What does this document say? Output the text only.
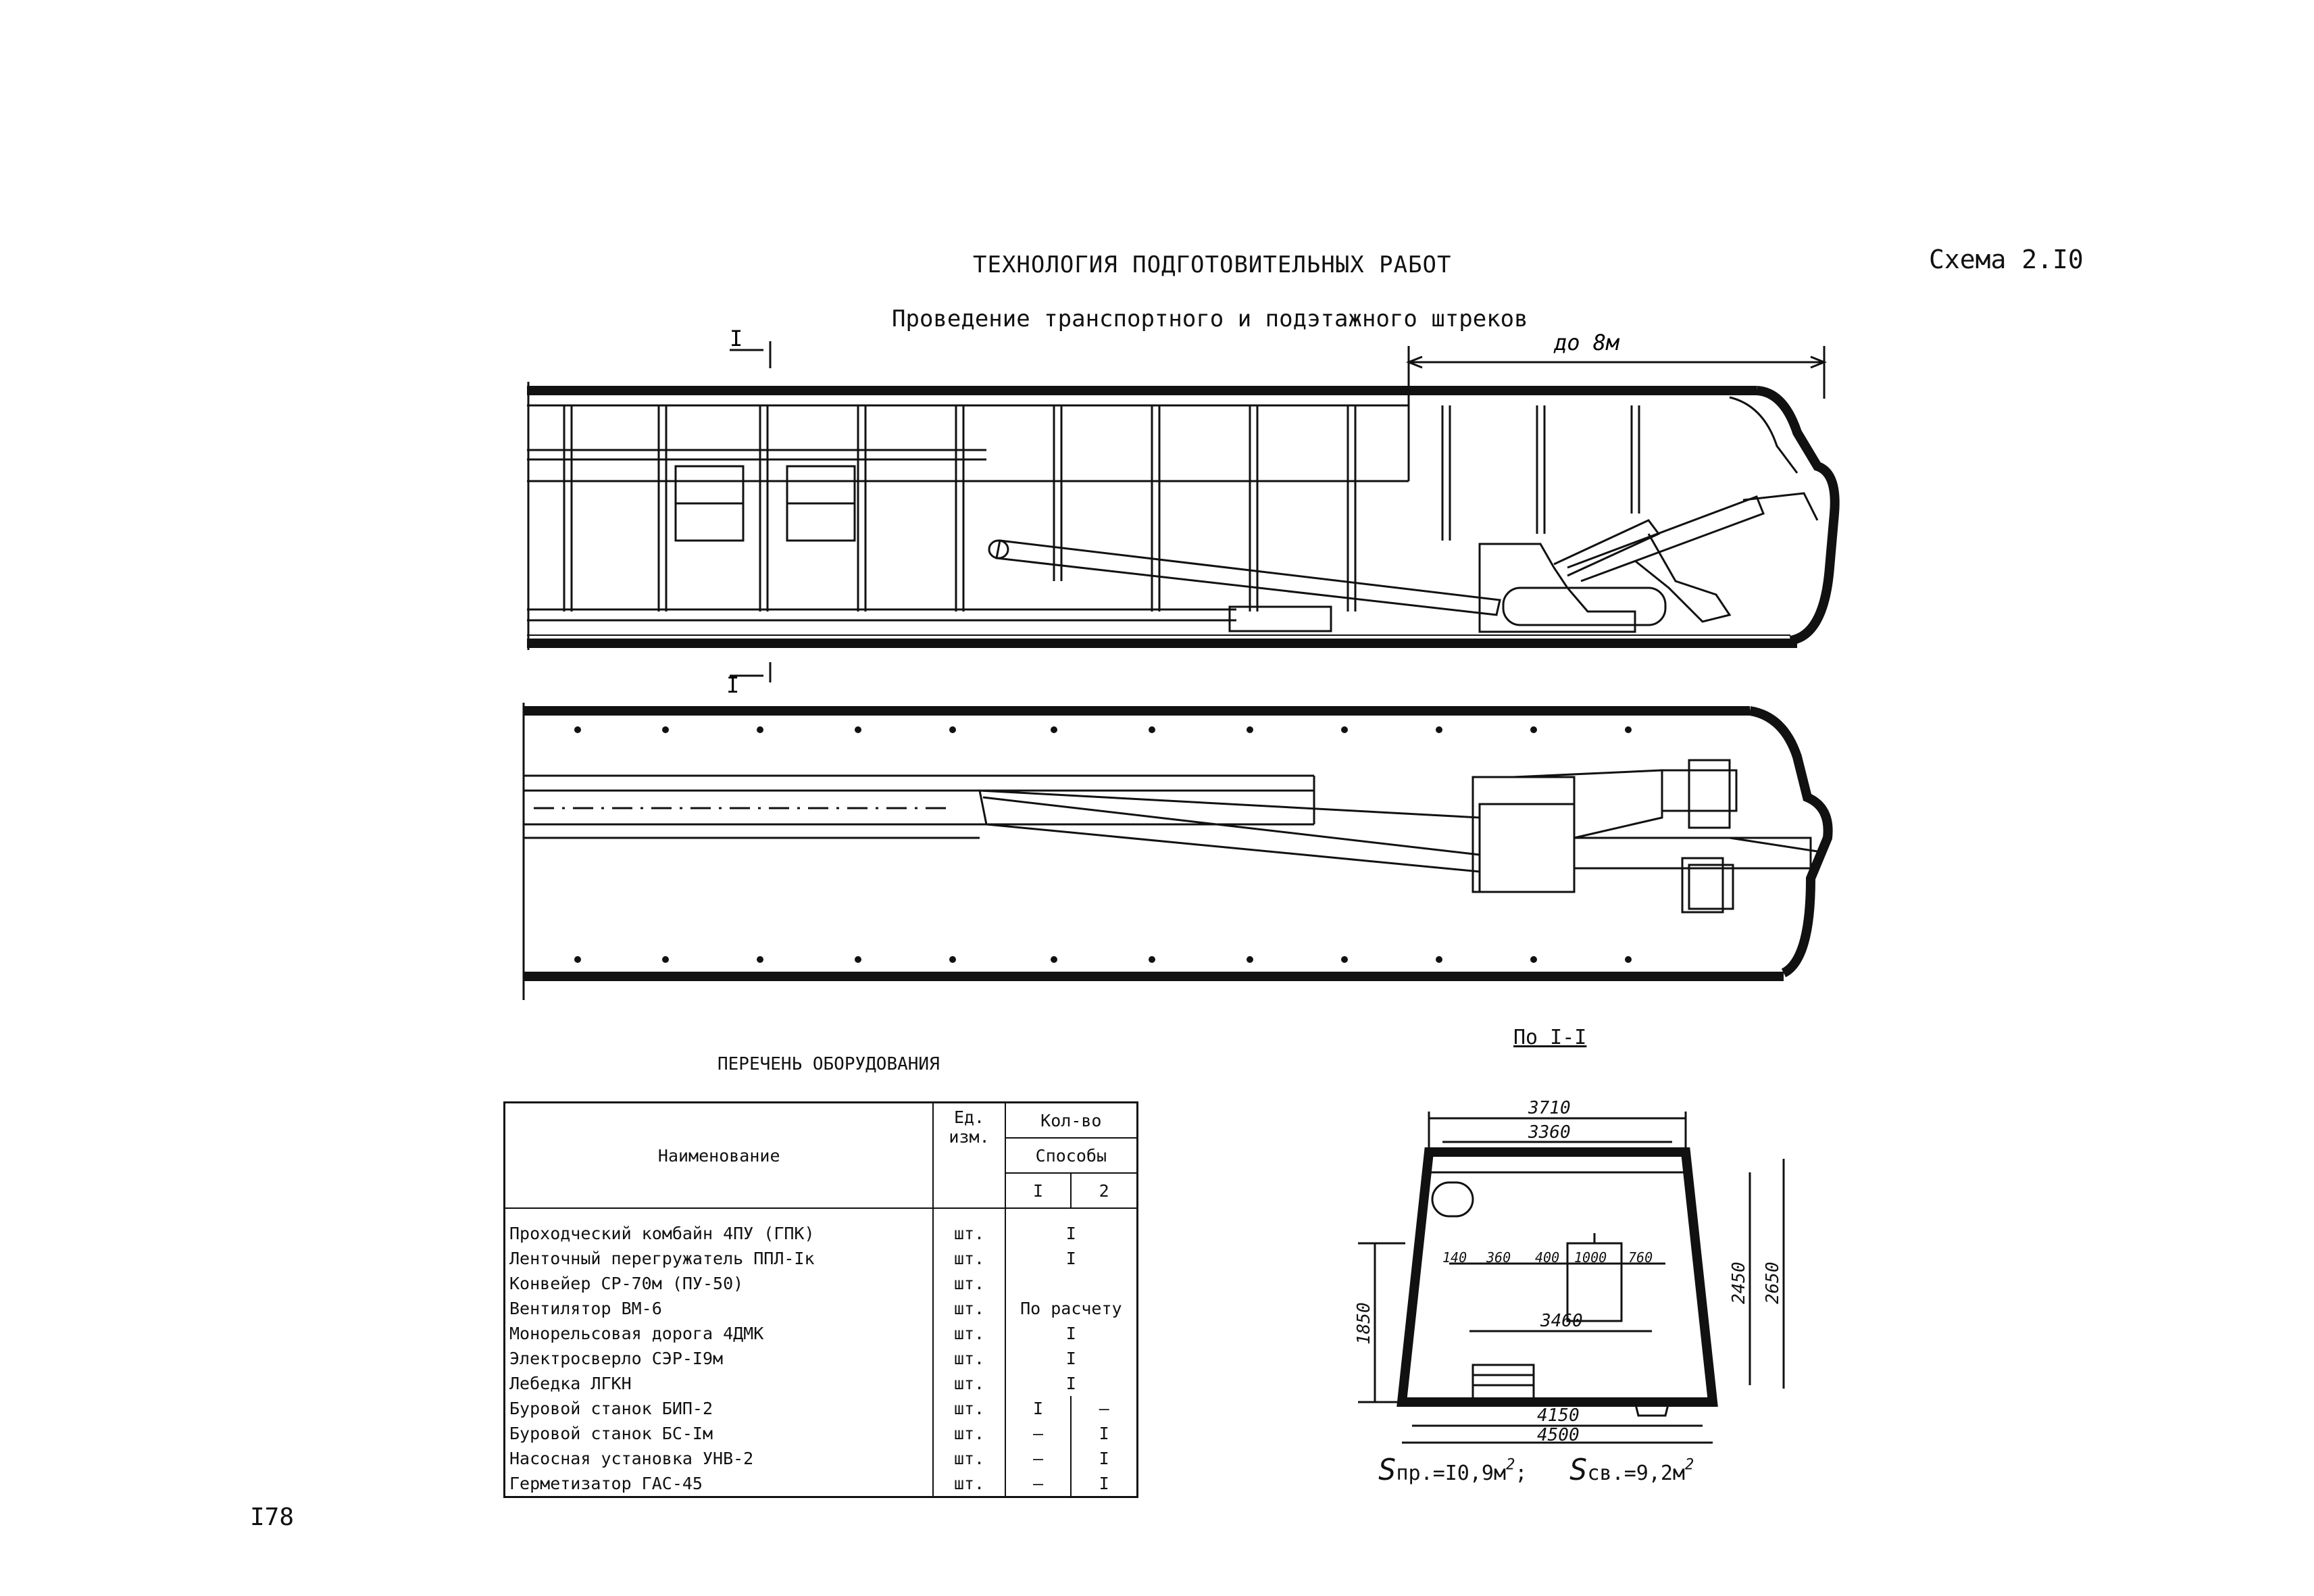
ТЕХНОЛОГИЯ ПОДГОТОВИТЕЛЬНЫХ РАБОТ	Схема 2.I0
Проведение транспортного и подэтажного штреков
до 8м
I
I
3710
3360
4150
4500
3460
140 360 400 1000 760
1850
2450 2650
По I-I
$Sпр.=I0,9м^2$;   $Sсв.=9,2м^2$
ПЕРЕЧЕНЬ ОБОРУДОВАНИЯ
Наименование	Ед. изм.	Кол-во	
		Способы	
		I	2
Проходческий комбайн 4ПУ (ГПК)	шт.	I	
Ленточный перегружатель ППЛ-Iк	шт.	I	
Конвейер СР-70м (ПУ-50)	шт.		
Вентилятор ВМ-6	шт.	По расчету	
Монорельсовая дорога 4ДМК	шт.	I	
Электросверло СЭР-I9м	шт.	I	
Лебедка ЛГКН	шт.	I	
Буровой станок БИП-2	шт.	I	–
Буровой станок БС-Iм	шт.	–	I
Насосная установка УНВ-2	шт.	–	I
Герметизатор ГАС-45	шт.	–	I
I78
